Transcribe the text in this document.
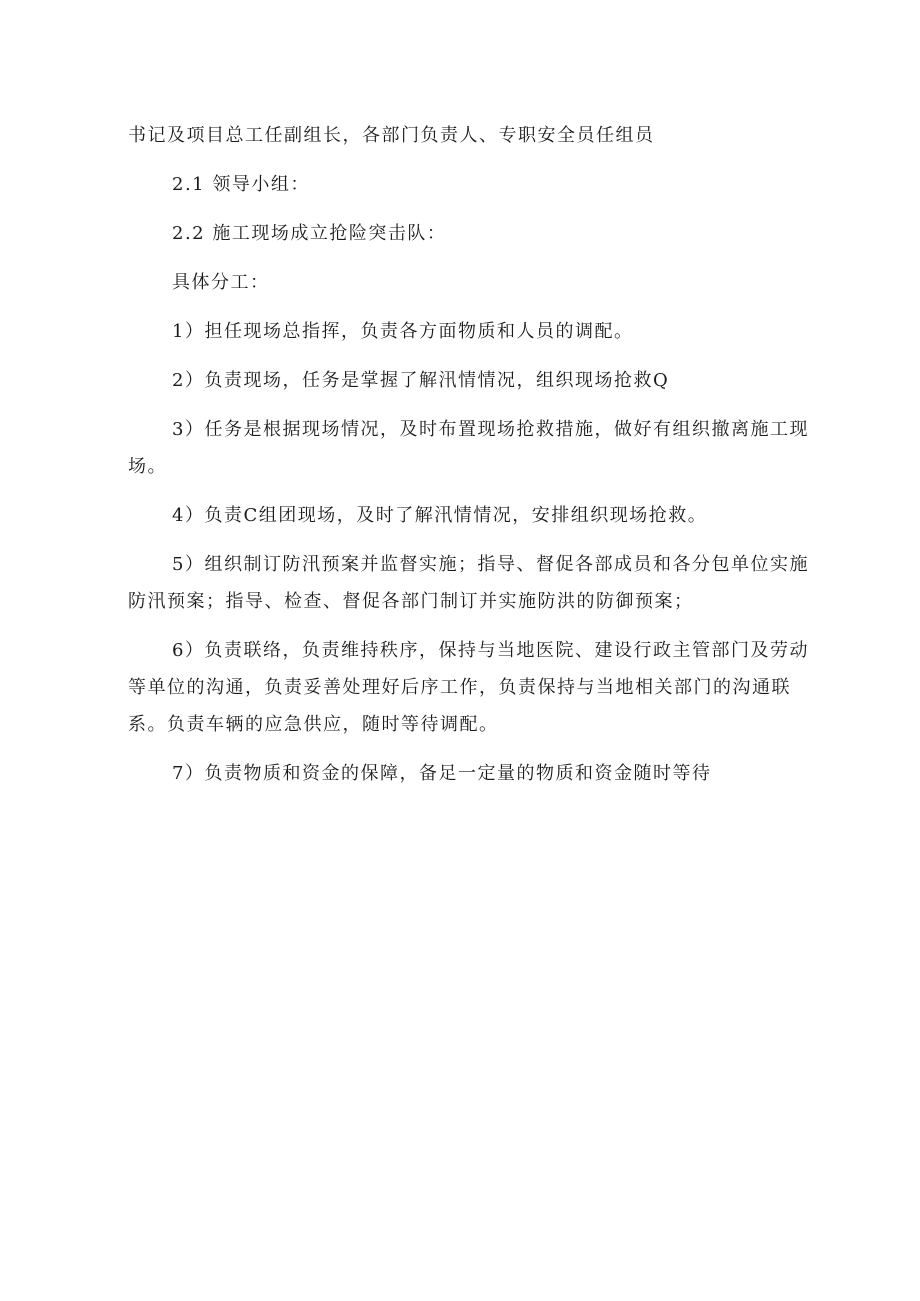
书记及项目总工任副组长，各部门负责人、专职安全员任组员

2.1 领导小组：

2.2 施工现场成立抢险突击队：

具体分工：

1）担任现场总指挥，负责各方面物质和人员的调配。

2）负责现场，任务是掌握了解汛情情况，组织现场抢救Q

3）任务是根据现场情况，及时布置现场抢救措施，做好有组织撤离施工现场。

4）负责C组团现场，及时了解汛情情况，安排组织现场抢救。

5）组织制订防汛预案并监督实施；指导、督促各部成员和各分包单位实施防汛预案；指导、检查、督促各部门制订并实施防洪的防御预案；

6）负责联络，负责维持秩序，保持与当地医院、建设行政主管部门及劳动等单位的沟通，负责妥善处理好后序工作，负责保持与当地相关部门的沟通联系。负责车辆的应急供应，随时等待调配。

7）负责物质和资金的保障，备足一定量的物质和资金随时等待
